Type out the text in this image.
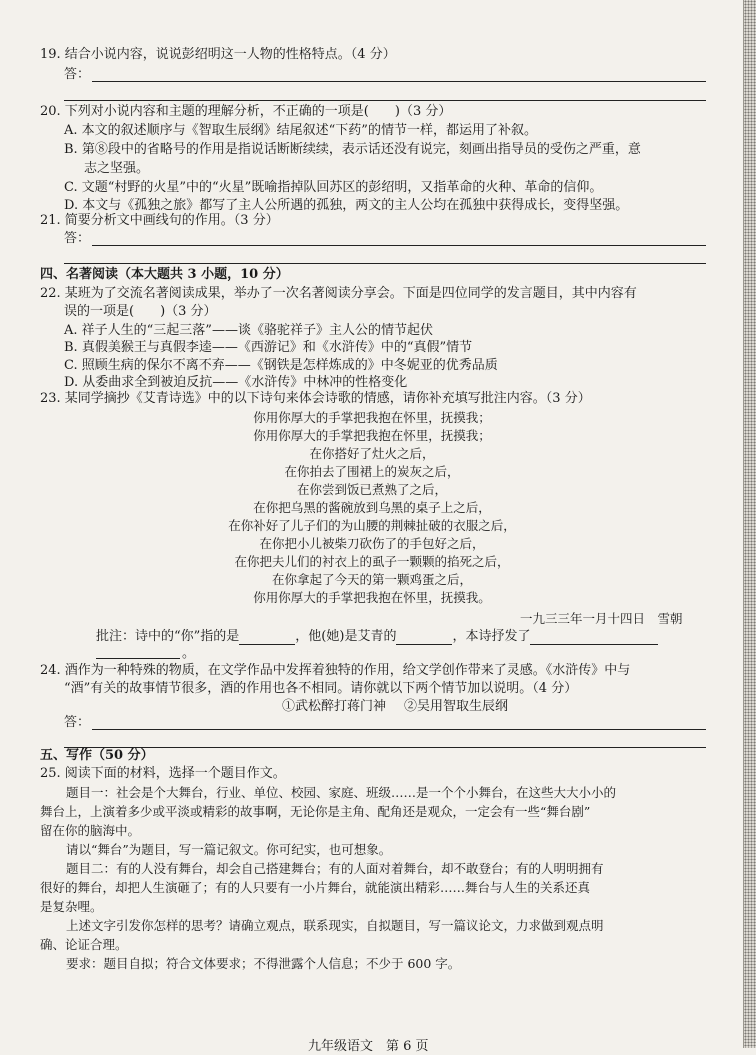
19. 结合小说内容，说说彭绍明这一人物的性格特点。（4 分）
答：
20. 下列对小说内容和主题的理解分析，不正确的一项是(　　)（3 分）
A. 本文的叙述顺序与《智取生辰纲》结尾叙述“下药”的情节一样，都运用了补叙。
B. 第⑧段中的省略号的作用是指说话断断续续，表示话还没有说完，刻画出指导员的受伤之严重，意
志之坚强。
C. 文题“村野的火星”中的“火星”既喻指掉队回苏区的彭绍明，又指革命的火种、革命的信仰。
D. 本文与《孤独之旅》都写了主人公所遇的孤独，两文的主人公均在孤独中获得成长，变得坚强。
21. 简要分析文中画线句的作用。（3 分）
答：
四、名著阅读（本大题共 3 小题，10 分）
22. 某班为了交流名著阅读成果，举办了一次名著阅读分享会。下面是四位同学的发言题目，其中内容有
误的一项是(　　)（3 分）
A. 祥子人生的“三起三落”——谈《骆驼祥子》主人公的情节起伏
B. 真假美猴王与真假李逵——《西游记》和《水浒传》中的“真假”情节
C. 照顾生病的保尔不离不弃——《钢铁是怎样炼成的》中冬妮亚的优秀品质
D. 从委曲求全到被迫反抗——《水浒传》中林冲的性格变化
23. 某同学摘抄《艾青诗选》中的以下诗句来体会诗歌的情感，请你补充填写批注内容。（3 分）
你用你厚大的手掌把我抱在怀里，抚摸我；
你用你厚大的手掌把我抱在怀里，抚摸我；
在你搭好了灶火之后，
在你拍去了围裙上的炭灰之后，
在你尝到饭已煮熟了之后，
在你把乌黑的酱碗放到乌黑的桌子上之后，
在你补好了儿子们的为山腰的荆棘扯破的衣服之后，
在你把小儿被柴刀砍伤了的手包好之后，
在你把夫儿们的衬衣上的虱子一颗颗的掐死之后，
在你拿起了今天的第一颗鸡蛋之后，
你用你厚大的手掌把我抱在怀里，抚摸我。
一九三三年一月十四日　雪朝
批注：诗中的“你”指的是	，他(她)是艾青的	，本诗抒发了
。
24. 酒作为一种特殊的物质，在文学作品中发挥着独特的作用，给文学创作带来了灵感。《水浒传》中与
“酒”有关的故事情节很多，酒的作用也各不相同。请你就以下两个情节加以说明。（4 分）
①武松醉打蒋门神 ②吴用智取生辰纲
答：
五、写作（50 分）
25. 阅读下面的材料，选择一个题目作文。
题目一：社会是个大舞台，行业、单位、校园、家庭、班级……是一个个小舞台，在这些大大小小的
舞台上，上演着多少或平淡或精彩的故事啊，无论你是主角、配角还是观众，一定会有一些“舞台剧”
留在你的脑海中。
请以“舞台”为题目，写一篇记叙文。你可纪实，也可想象。
题目二：有的人没有舞台，却会自己搭建舞台；有的人面对着舞台，却不敢登台；有的人明明拥有
很好的舞台，却把人生演砸了；有的人只要有一小片舞台，就能演出精彩……舞台与人生的关系还真
是复杂哩。
上述文字引发你怎样的思考？请确立观点，联系现实，自拟题目，写一篇议论文，力求做到观点明
确、论证合理。
要求：题目自拟；符合文体要求；不得泄露个人信息；不少于 600 字。
九年级语文　第 6 页
